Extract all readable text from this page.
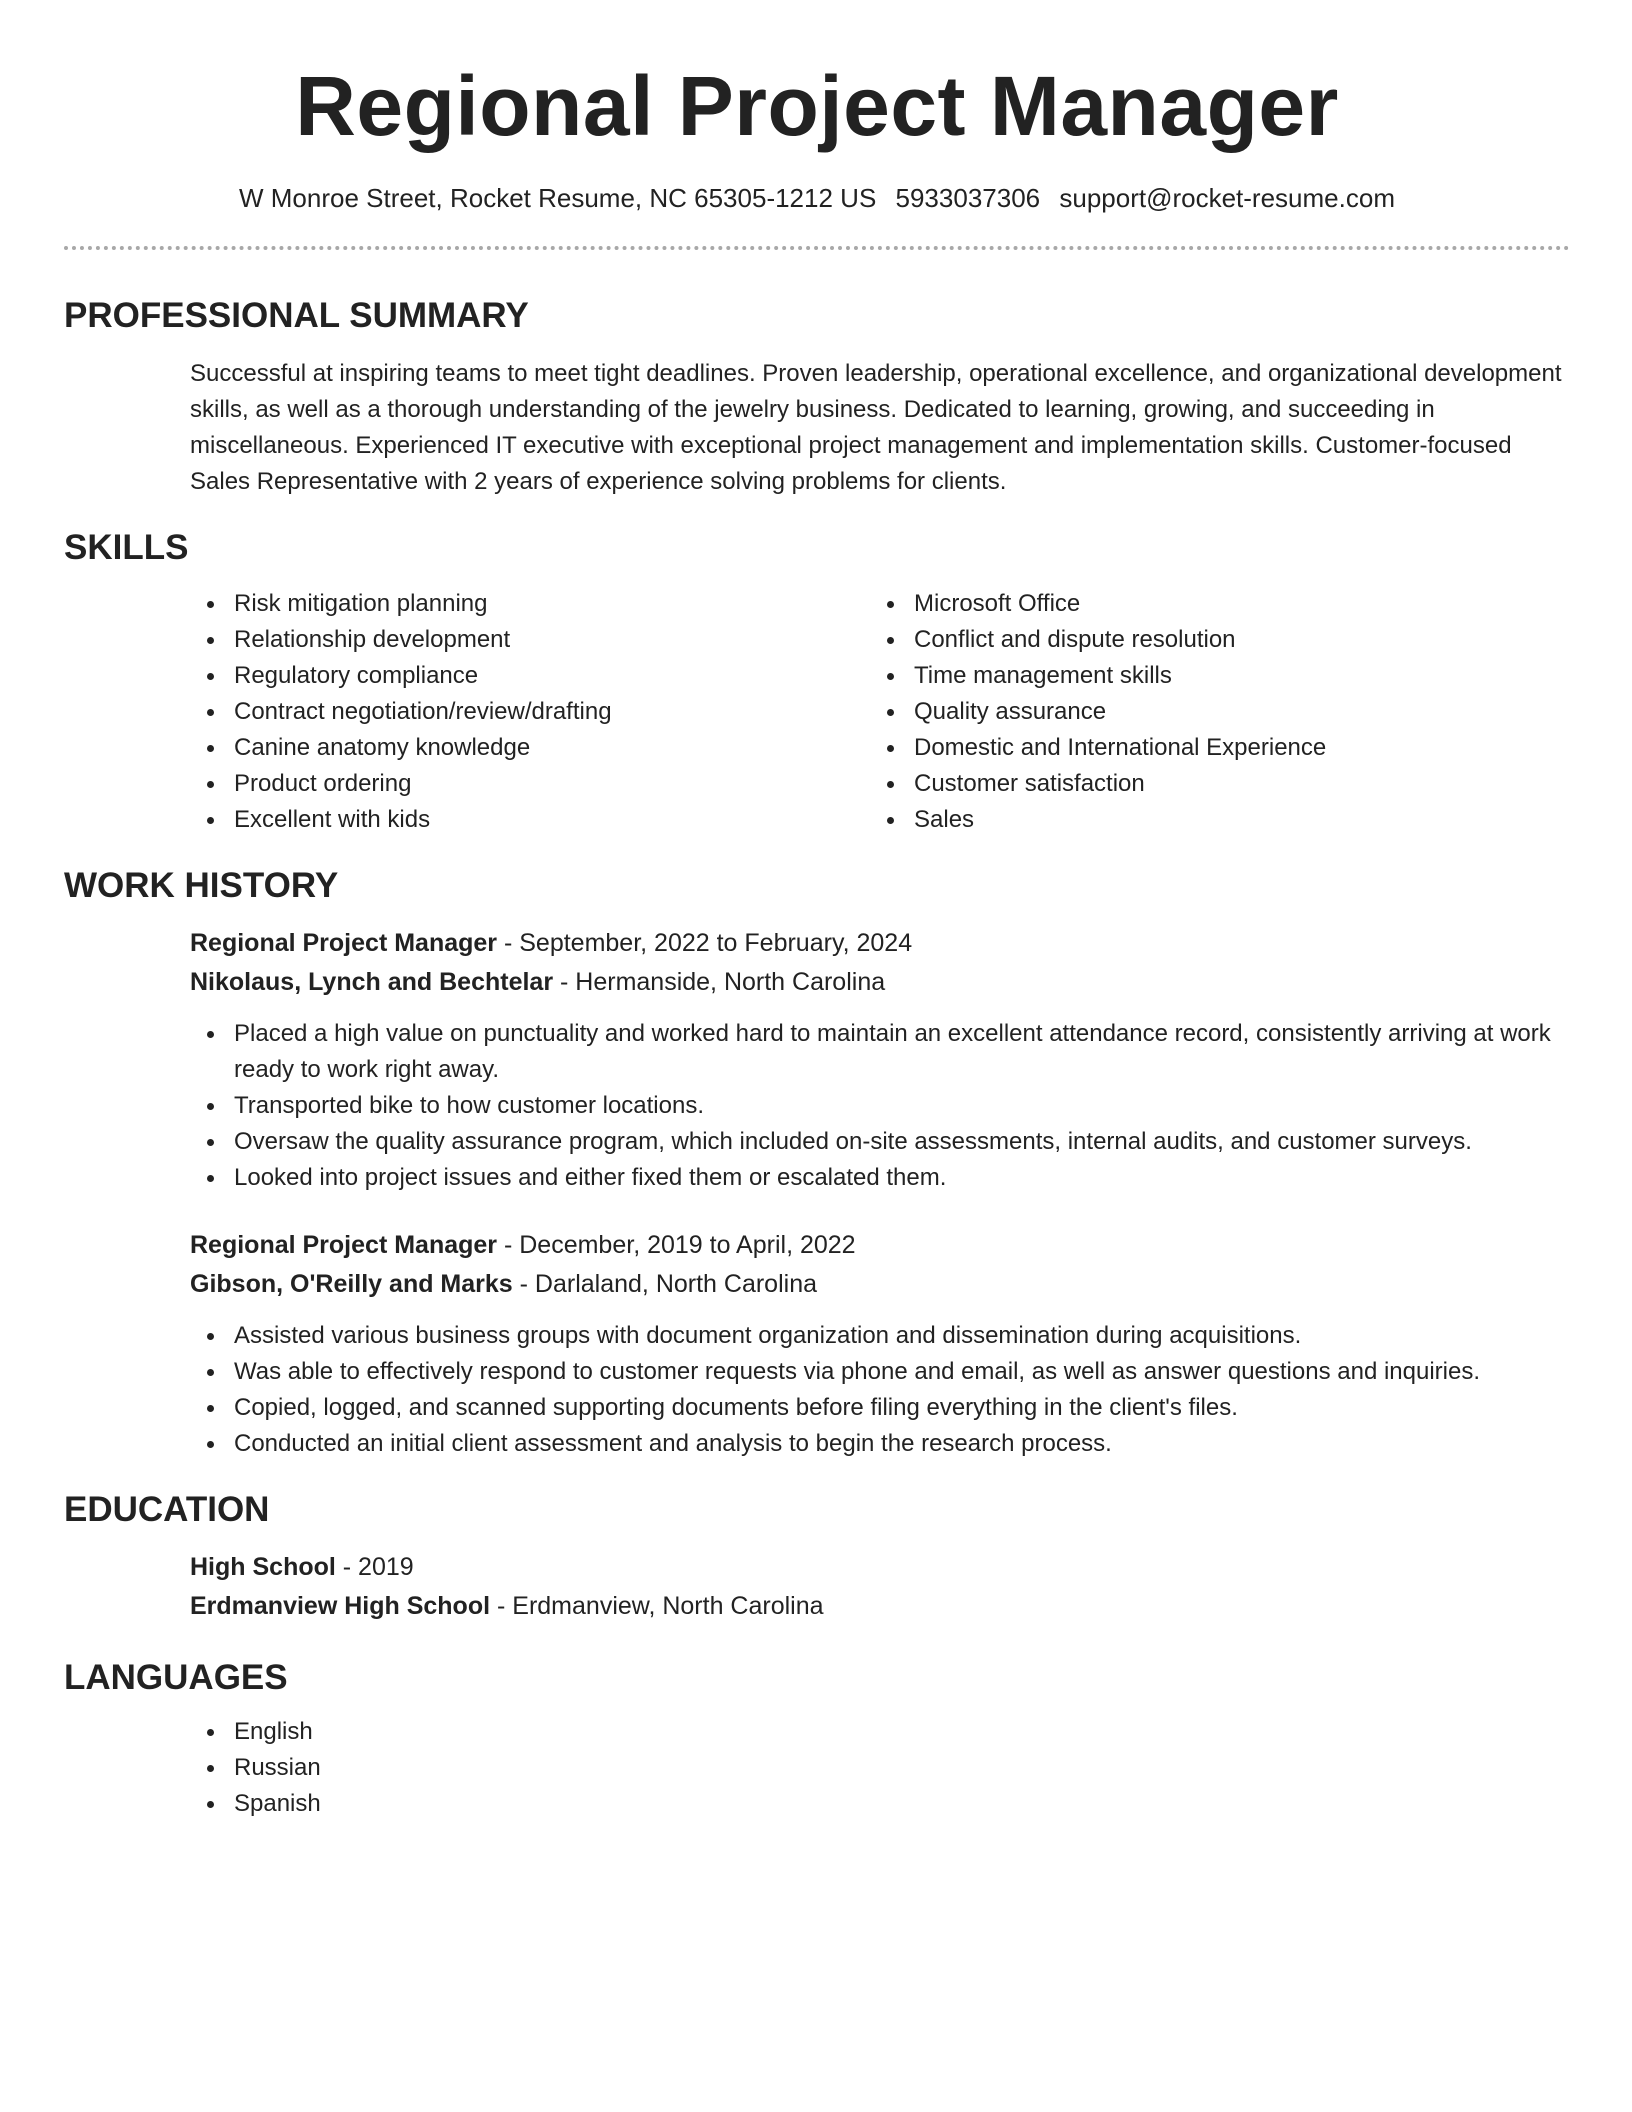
Regional Project Manager
W Monroe Street, Rocket Resume, NC 65305-1212 US 5933037306 support@rocket-resume.com
PROFESSIONAL SUMMARY

Successful at inspiring teams to meet tight deadlines. Proven leadership, operational excellence, and organizational development skills, as well as a thorough understanding of the jewelry business. Dedicated to learning, growing, and succeeding in miscellaneous. Experienced IT executive with exceptional project management and implementation skills. Customer-focused Sales Representative with 2 years of experience solving problems for clients.

SKILLS
Risk mitigation planning
Relationship development
Regulatory compliance
Contract negotiation/review/drafting
Canine anatomy knowledge
Product ordering
Excellent with kids
Microsoft Office
Conflict and dispute resolution
Time management skills
Quality assurance
Domestic and International Experience
Customer satisfaction
Sales
WORK HISTORY
Regional Project Manager - September, 2022 to February, 2024
Nikolaus, Lynch and Bechtelar - Hermanside, North Carolina
Placed a high value on punctuality and worked hard to maintain an excellent attendance record, consistently arriving at work ready to work right away.
Transported bike to how customer locations.
Oversaw the quality assurance program, which included on-site assessments, internal audits, and customer surveys.
Looked into project issues and either fixed them or escalated them.
Regional Project Manager - December, 2019 to April, 2022
Gibson, O'Reilly and Marks - Darlaland, North Carolina
Assisted various business groups with document organization and dissemination during acquisitions.
Was able to effectively respond to customer requests via phone and email, as well as answer questions and inquiries.
Copied, logged, and scanned supporting documents before filing everything in the client's files.
Conducted an initial client assessment and analysis to begin the research process.
EDUCATION
High School - 2019
Erdmanview High School - Erdmanview, North Carolina
LANGUAGES
English
Russian
Spanish
